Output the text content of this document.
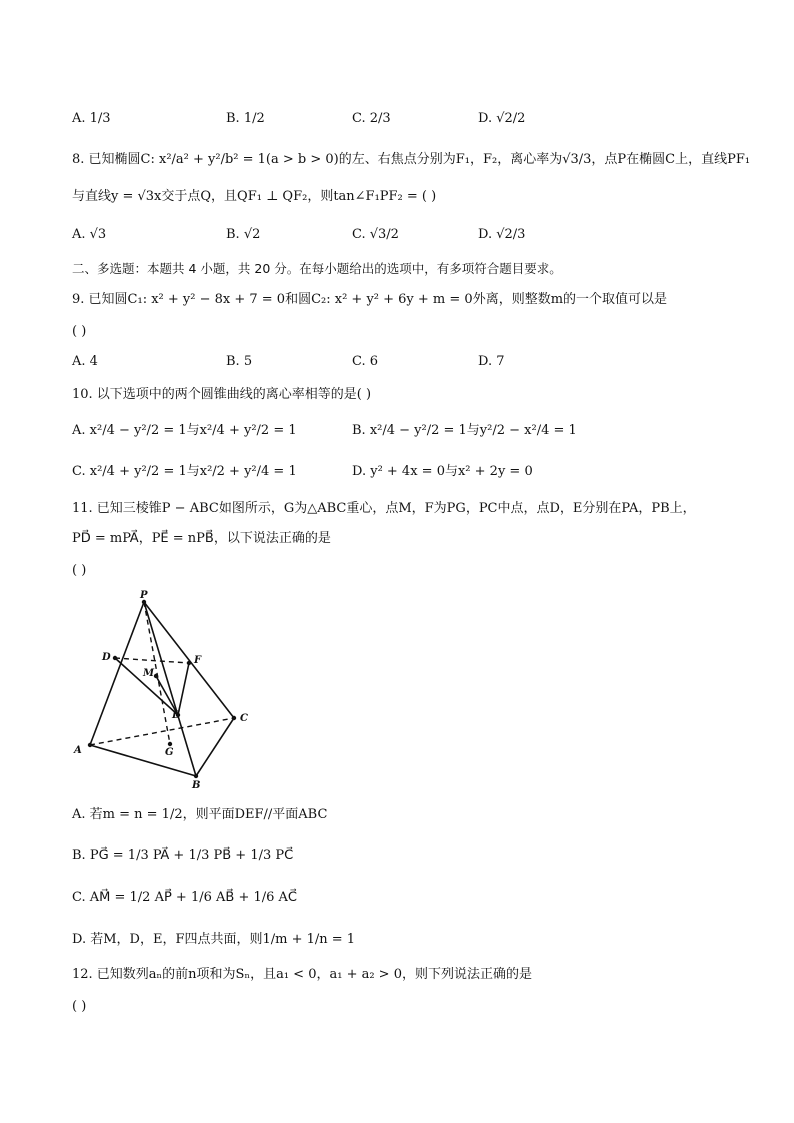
A. 1/3	B. 1/2	C. 2/3	D. √2/2
8. 已知椭圆C: x²/a² + y²/b² = 1(a > b > 0)的左、右焦点分别为F₁，F₂，离心率为√3/3，点P在椭圆C上，直线PF₁
与直线y = √3x交于点Q，且QF₁ ⊥ QF₂，则tan∠F₁PF₂ = ( )
A. √3	B. √2	C. √3/2	D. √2/3
二、多选题：本题共 4 小题，共 20 分。在每小题给出的选项中，有多项符合题目要求。
9. 已知圆C₁: x² + y² − 8x + 7 = 0和圆C₂: x² + y² + 6y + m = 0外离，则整数m的一个取值可以是
( )
A. 4	B. 5	C. 6	D. 7
10. 以下选项中的两个圆锥曲线的离心率相等的是( )
A. x²/4 − y²/2 = 1与x²/4 + y²/2 = 1	B. x²/4 − y²/2 = 1与y²/2 − x²/4 = 1
C. x²/4 + y²/2 = 1与x²/2 + y²/4 = 1	D. y² + 4x = 0与x² + 2y = 0
11. 已知三棱锥P − ABC如图所示，G为△ABC重心，点M，F为PG，PC中点，点D，E分别在PA，PB上，
PD⃗ = mPA⃗，PE⃗ = nPB⃗，以下说法正确的是
( )
P
D	F
M
E	C
A	G
B
A. 若m = n = 1/2，则平面DEF//平面ABC
B. PG⃗ = 1/3 PA⃗ + 1/3 PB⃗ + 1/3 PC⃗
C. AM⃗ = 1/2 AP⃗ + 1/6 AB⃗ + 1/6 AC⃗
D. 若M，D，E，F四点共面，则1/m + 1/n = 1
12. 已知数列aₙ的前n项和为Sₙ，且a₁ < 0，a₁ + a₂ > 0，则下列说法正确的是
( )
